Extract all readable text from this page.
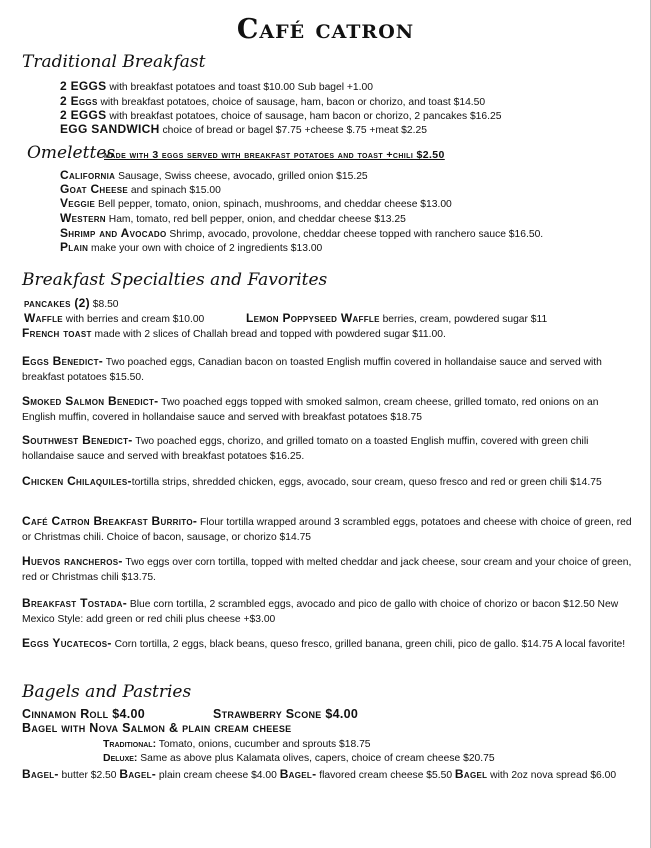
Café catron
Traditional Breakfast
2 EGGS with breakfast potatoes and toast $10.00 Sub bagel +1.00
2 Eggs with breakfast potatoes, choice of sausage, ham, bacon or chorizo, and toast $14.50
2 EGGS with breakfast potatoes, choice of sausage, ham bacon or chorizo, 2 pancakes $16.25
EGG SANDWICH choice of bread or bagel $7.75 +cheese $.75 +meat $2.25
Omelettes
made with 3 eggs served with breakfast potatoes and toast +chili $2.50
California Sausage, Swiss cheese, avocado, grilled onion $15.25
Goat Cheese and spinach $15.00
Veggie Bell pepper, tomato, onion, spinach, mushrooms, and cheddar cheese $13.00
Western Ham, tomato, red bell pepper, onion, and cheddar cheese $13.25
Shrimp and Avocado Shrimp, avocado, provolone, cheddar cheese topped with ranchero sauce $16.50.
Plain make your own with choice of 2 ingredients $13.00
Breakfast Specialties and Favorites
pancakes (2) $8.50
Waffle with berries and cream $10.00	Lemon Poppyseed Waffle berries, cream, powdered sugar $11
French toast made with 2 slices of Challah bread and topped with powdered sugar $11.00.
Eggs Benedict- Two poached eggs, Canadian bacon on toasted English muffin covered in hollandaise sauce and served with breakfast potatoes $15.50.
Smoked Salmon Benedict- Two poached eggs topped with smoked salmon, cream cheese, grilled tomato, red onions on an English muffin, covered in hollandaise sauce and served with breakfast potatoes $18.75
Southwest Benedict- Two poached eggs, chorizo, and grilled tomato on a toasted English muffin, covered with green chili hollandaise sauce and served with breakfast potatoes $16.25.
Chicken Chilaquiles-tortilla strips, shredded chicken, eggs, avocado, sour cream, queso fresco and red or green chili $14.75
Café Catron Breakfast Burrito- Flour tortilla wrapped around 3 scrambled eggs, potatoes and cheese with choice of green, red or Christmas chili. Choice of bacon, sausage, or chorizo $14.75
Huevos rancheros- Two eggs over corn tortilla, topped with melted cheddar and jack cheese, sour cream and your choice of green, red or Christmas chili $13.75.
Breakfast Tostada- Blue corn tortilla, 2 scrambled eggs, avocado and pico de gallo with choice of chorizo or bacon $12.50 New Mexico Style: add green or red chili plus cheese +$3.00
Eggs Yucatecos- Corn tortilla, 2 eggs, black beans, queso fresco, grilled banana, green chili, pico de gallo. $14.75 A local favorite!
Bagels and Pastries
Cinnamon Roll $4.00	Strawberry Scone $4.00
Bagel with Nova Salmon & plain cream cheese
Traditional: Tomato, onions, cucumber and sprouts $18.75
Deluxe: Same as above plus Kalamata olives, capers, choice of cream cheese $20.75
Bagel- butter $2.50 Bagel- plain cream cheese $4.00 Bagel- flavored cream cheese $5.50 Bagel with 2oz nova spread $6.00
